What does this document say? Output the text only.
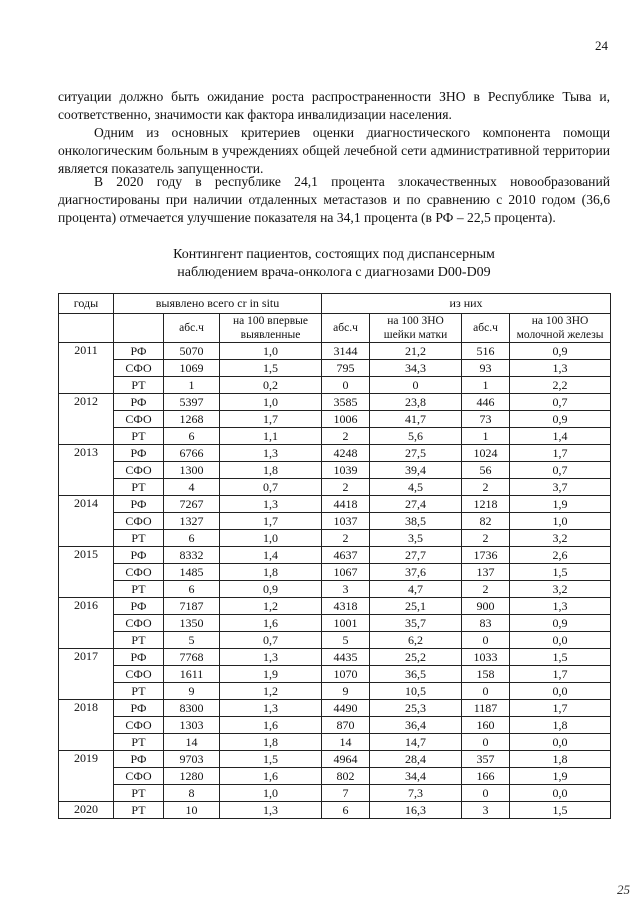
24

ситуации должно быть ожидание роста распространенности ЗНО в Республике Тыва и, соответственно, значимости как фактора инвалидизации населения.

Одним из основных критериев оценки диагностического компонента помощи онкологическим больным в учреждениях общей лечебной сети административной территории является показатель запущенности.

В 2020 году в республике 24,1 процента злокачественных новообразований диагностированы при наличии отдаленных метастазов и по сравнению с 2010 годом (36,6 процента) отмечается улучшение показателя на 34,1 процента (в РФ – 22,5 процента).

Контингент пациентов, состоящих под диспансерным
наблюдением врача-онколога с диагнозами D00-D09
годы	выявлено всего cr in situ			из них			
		абс.ч	на 100 впервые выявленные	абс.ч	на 100 ЗНО шейки матки	абс.ч	на 100 ЗНО молочной железы
2011	РФ	5070	1,0	3144	21,2	516	0,9
	СФО	1069	1,5	795	34,3	93	1,3
	РТ	1	0,2	0	0	1	2,2
2012	РФ	5397	1,0	3585	23,8	446	0,7
	СФО	1268	1,7	1006	41,7	73	0,9
	РТ	6	1,1	2	5,6	1	1,4
2013	РФ	6766	1,3	4248	27,5	1024	1,7
	СФО	1300	1,8	1039	39,4	56	0,7
	РТ	4	0,7	2	4,5	2	3,7
2014	РФ	7267	1,3	4418	27,4	1218	1,9
	СФО	1327	1,7	1037	38,5	82	1,0
	РТ	6	1,0	2	3,5	2	3,2
2015	РФ	8332	1,4	4637	27,7	1736	2,6
	СФО	1485	1,8	1067	37,6	137	1,5
	РТ	6	0,9	3	4,7	2	3,2
2016	РФ	7187	1,2	4318	25,1	900	1,3
	СФО	1350	1,6	1001	35,7	83	0,9
	РТ	5	0,7	5	6,2	0	0,0
2017	РФ	7768	1,3	4435	25,2	1033	1,5
	СФО	1611	1,9	1070	36,5	158	1,7
	РТ	9	1,2	9	10,5	0	0,0
2018	РФ	8300	1,3	4490	25,3	1187	1,7
	СФО	1303	1,6	870	36,4	160	1,8
	РТ	14	1,8	14	14,7	0	0,0
2019	РФ	9703	1,5	4964	28,4	357	1,8
	СФО	1280	1,6	802	34,4	166	1,9
	РТ	8	1,0	7	7,3	0	0,0
2020	РТ	10	1,3	6	16,3	3	1,5
25
